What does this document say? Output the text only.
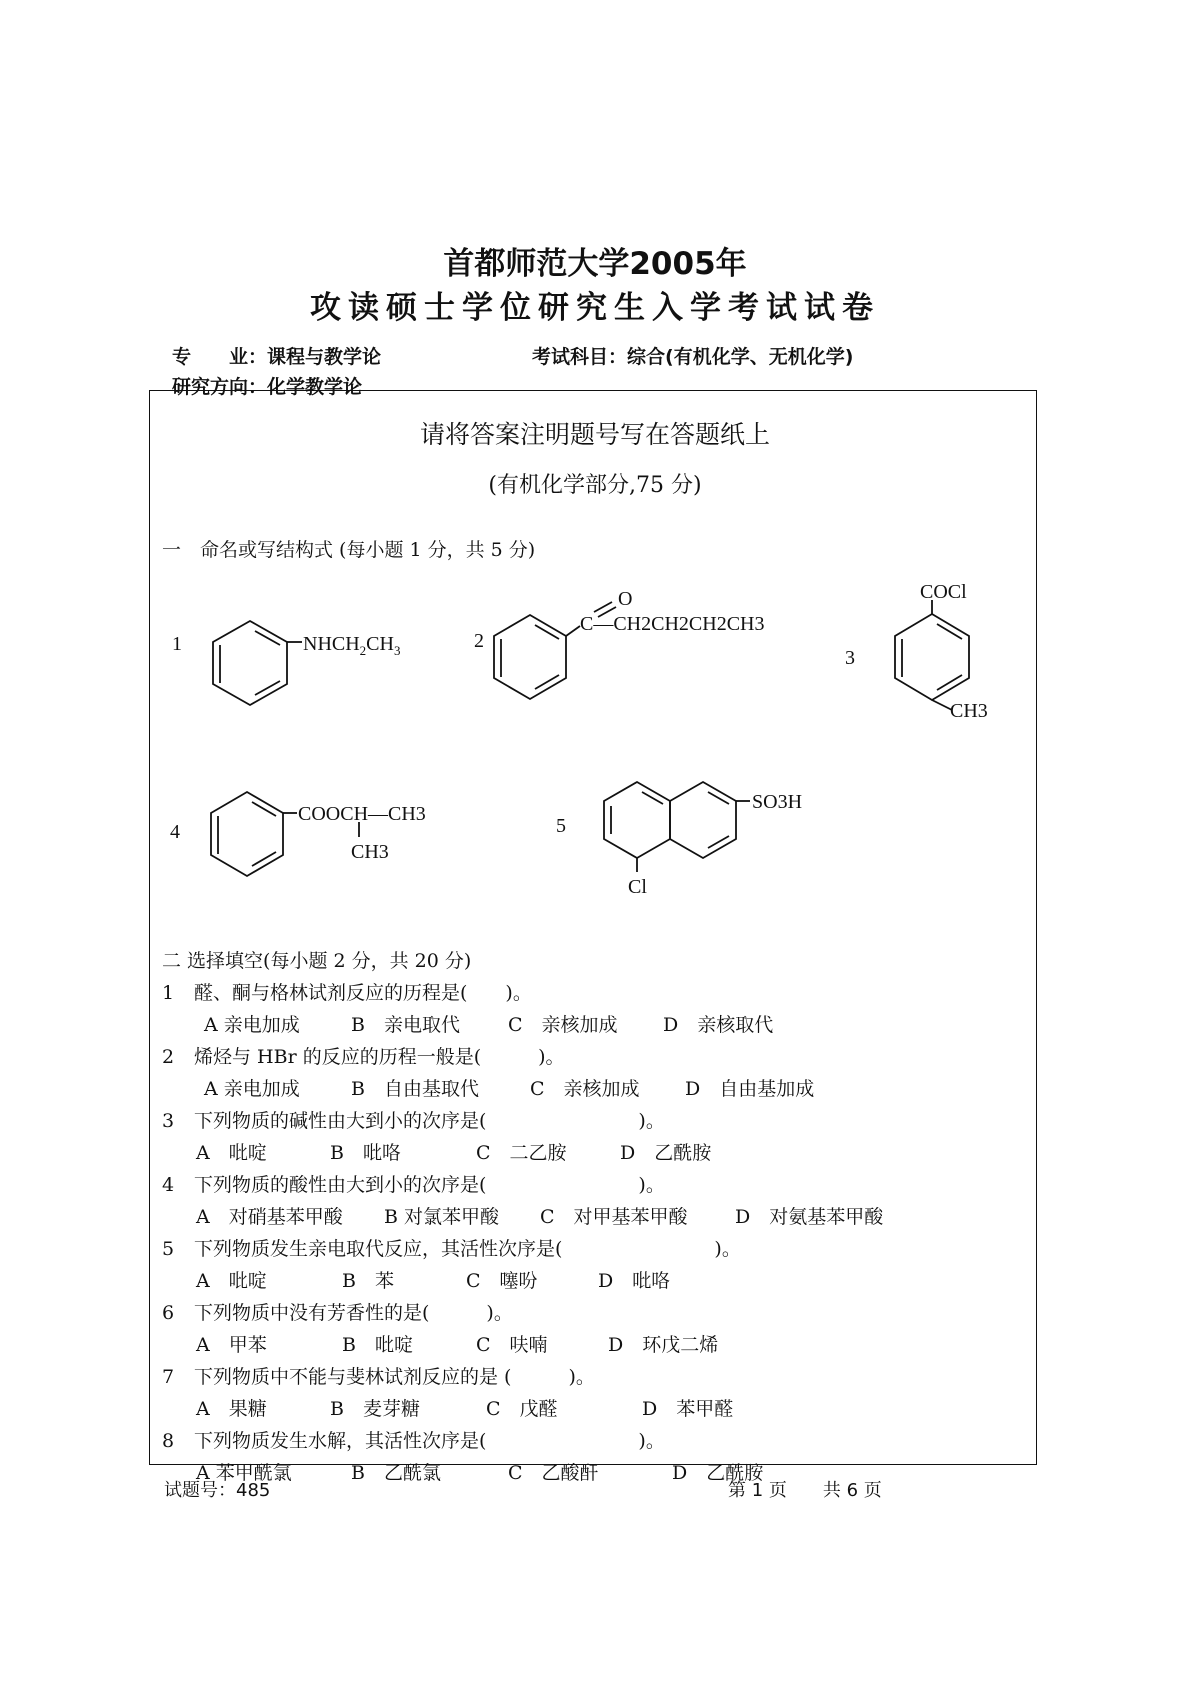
首都师范大学2005年
攻读硕士学位研究生入学考试试卷
专　　业：课程与教学论	考试科目：综合(有机化学、无机化学)
研究方向：化学教学论
请将答案注明题号写在答题纸上
(有机化学部分,75 分)
一　命名或写结构式 (每小题 1 分，共 5 分)
1	$NHCH_2CH_3$	2
O
C—CH2CH2CH2CH3
3
COCl
CH3
4
COOCH—CH3
CH3
5
SO3H
Cl
二 选择填空(每小题 2 分，共 20 分)
1 醛、酮与格林试剂反应的历程是(　　)。
A 亲电加成	B　亲电取代	C　亲核加成 D　亲核取代
2 烯烃与 HBr 的反应的历程一般是(　　　)。
A 亲电加成	B　自由基取代	C　亲核加成 D　自由基加成
3 下列物质的碱性由大到小的次序是(　　　　　　　　)。
A　吡啶	B　吡咯	C　二乙胺	D　乙酰胺
4 下列物质的酸性由大到小的次序是(　　　　　　　　)。
A　对硝基苯甲酸 B 对氯苯甲酸 C　对甲基苯甲酸 D　对氨基苯甲酸
5 下列物质发生亲电取代反应，其活性次序是(　　　　　　　　)。
A　吡啶	B　苯	C　噻吩	D　吡咯
6 下列物质中没有芳香性的是(　　　)。
A　甲苯	B　吡啶	C　呋喃	D　环戊二烯
7 下列物质中不能与斐林试剂反应的是 (　　　)。
A　果糖	B　麦芽糖	C　戊醛	D　苯甲醛
8 下列物质发生水解，其活性次序是(　　　　　　　　)。
A 苯甲酰氯	B　乙酰氯	C　乙酸酐	D　乙酰胺
试题号：485	第 1 页　　共 6 页
